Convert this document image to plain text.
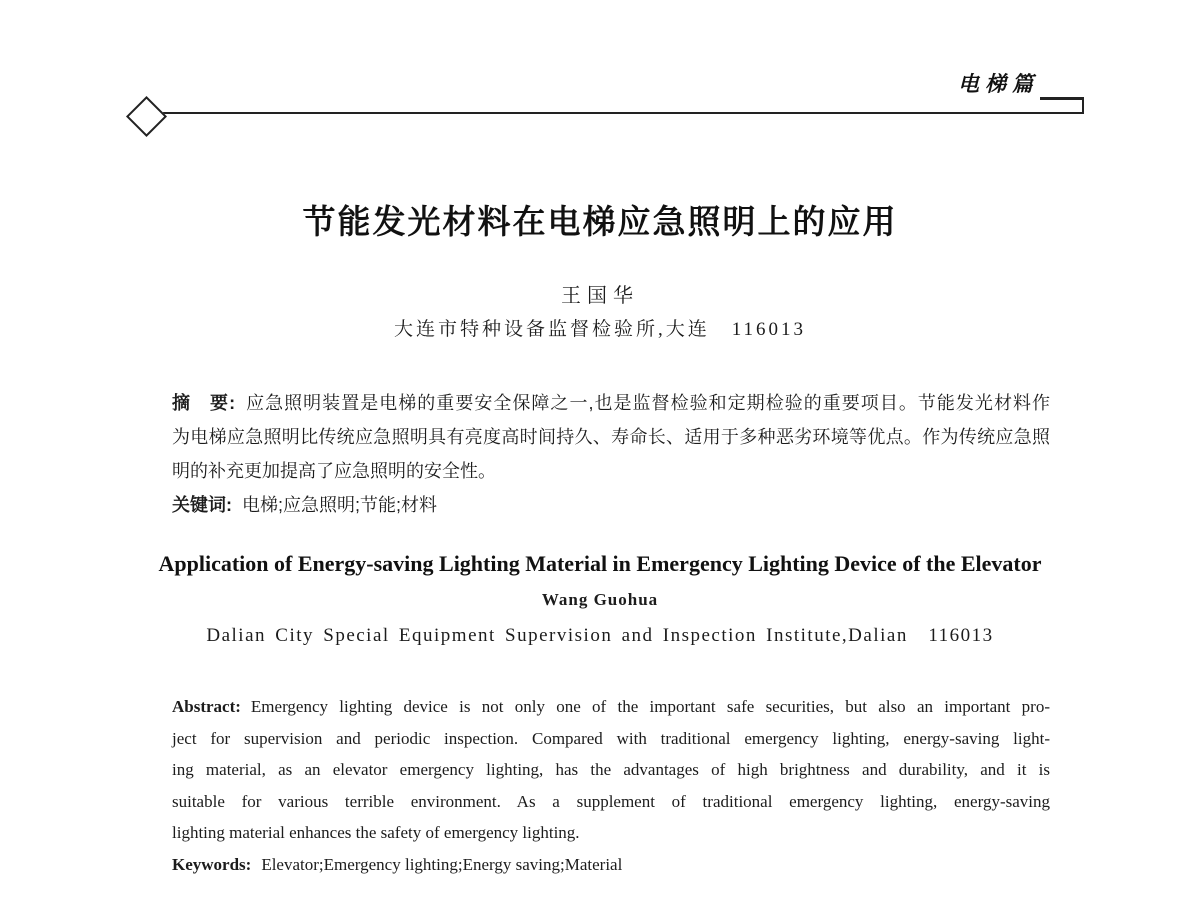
电梯篇
节能发光材料在电梯应急照明上的应用
王国华
大连市特种设备监督检验所,大连　116013
摘　要: 应急照明装置是电梯的重要安全保障之一,也是监督检验和定期检验的重要项目。节能发光材料作
为电梯应急照明比传统应急照明具有亮度高时间持久、寿命长、适用于多种恶劣环境等优点。作为传统应急照
明的补充更加提高了应急照明的安全性。
关键词: 电梯;应急照明;节能;材料
Application of Energy-saving Lighting Material in Emergency Lighting Device of the Elevator
Wang Guohua
Dalian City Special Equipment Supervision and Inspection Institute,Dalian　116013
Abstract: Emergency lighting device is not only one of the important safe securities, but also an important pro-
ject for supervision and periodic inspection. Compared with traditional emergency lighting, energy-saving light-
ing material, as an elevator emergency lighting, has the advantages of high brightness and durability, and it is
suitable for various terrible environment. As a supplement of traditional emergency lighting, energy-saving
lighting material enhances the safety of emergency lighting.
Keywords: Elevator;Emergency lighting;Energy saving;Material
